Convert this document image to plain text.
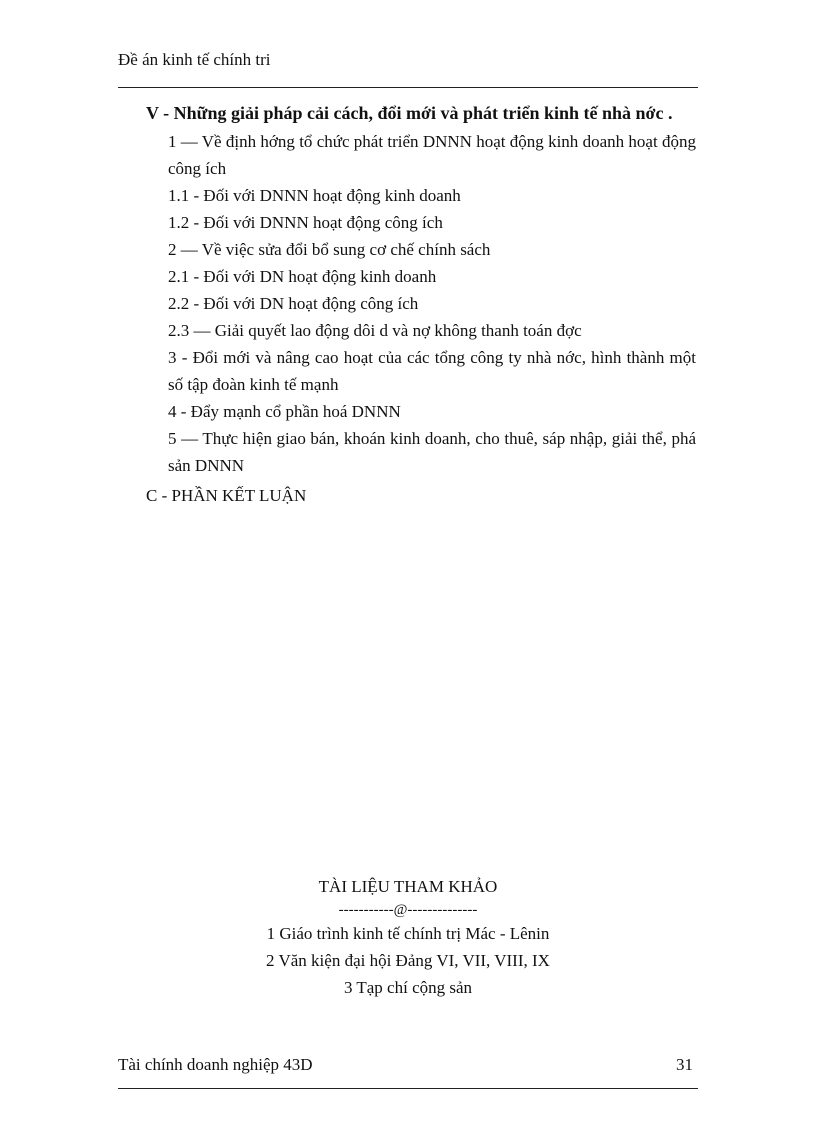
Đề án kinh tế chính tri
V - Những giải pháp cải cách, đổi mới và phát triển kinh tế nhà nớc .
1 — Về định hớng tổ chức phát triển DNNN hoạt động kinh doanh hoạt động công ích
1.1 - Đối với DNNN hoạt động kinh doanh
1.2 - Đối với DNNN hoạt động công ích
2 — Về việc sửa đổi bổ sung cơ chế chính sách
2.1 - Đối với DN hoạt động kinh doanh
2.2 - Đối với DN hoạt động công ích
2.3 — Giải quyết lao động dôi d và nợ không thanh toán đợc
3 - Đổi mới và nâng cao hoạt của các tổng công ty nhà nớc, hình thành một số tập đoàn kinh tế mạnh
4 - Đẩy mạnh cổ phần hoá DNNN
5 — Thực hiện giao bán, khoán kinh doanh, cho thuê, sáp nhập, giải thể, phá sản DNNN
C - PHẦN KẾT LUẬN
TÀI LIỆU THAM KHẢO
-----------@--------------
1 Giáo trình kinh tế chính trị Mác - Lênin
2 Văn kiện đại hội Đảng VI, VII, VIII, IX
3 Tạp chí cộng sản
Tài chính doanh nghiệp 43D	31
